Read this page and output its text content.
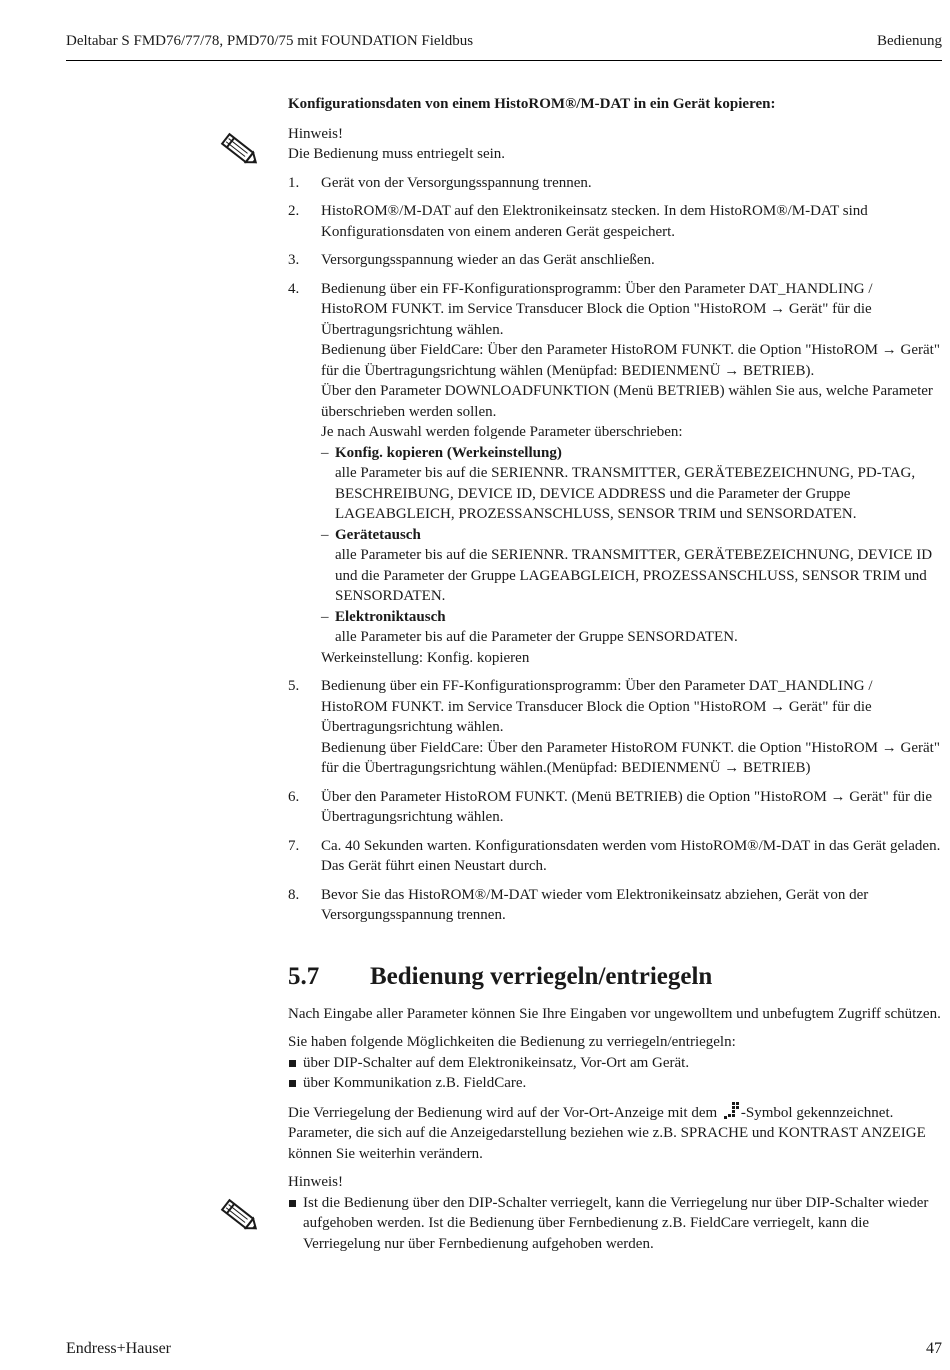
Deltabar S FMD76/77/78, PMD70/75 mit FOUNDATION Fieldbus	Bedienung

Konfigurationsdaten von einem HistoROM®/M-DAT in ein Gerät kopieren:

Hinweis!

Die Bedienung muss entriegelt sein.

1. Gerät von der Versorgungsspannung trennen.
2. HistoROM®/M-DAT auf den Elektronikeinsatz stecken. In dem HistoROM®/M-DAT sind Konfigurationsdaten von einem anderen Gerät gespeichert.
3. Versorgungsspannung wieder an das Gerät anschließen.
4. Bedienung über ein FF-Konfigurationsprogramm: Über den Parameter DAT_HANDLING / HistoROM FUNKT. im Service Transducer Block die Option "HistoROM → Gerät" für die Übertragungsrichtung wählen.

Bedienung über FieldCare: Über den Parameter HistoROM FUNKT. die Option "HistoROM → Gerät" für die Übertragungsrichtung wählen (Menüpfad: BEDIENMENÜ → BETRIEB).

Über den Parameter DOWNLOADFUNKTION (Menü BETRIEB) wählen Sie aus, welche Parameter überschrieben werden sollen.

Je nach Auswahl werden folgende Parameter überschrieben:

– Konfig. kopieren (Werkeinstellung)
alle Parameter bis auf die SERIENNR. TRANSMITTER, GERÄTEBEZEICHNUNG, PD-TAG, BESCHREIBUNG, DEVICE ID, DEVICE ADDRESS und die Parameter der Gruppe LAGEABGLEICH, PROZESSANSCHLUSS, SENSOR TRIM und SENSORDATEN.
– Gerätetausch
alle Parameter bis auf die SERIENNR. TRANSMITTER, GERÄTEBEZEICHNUNG, DEVICE ID und die Parameter der Gruppe LAGEABGLEICH, PROZESSANSCHLUSS, SENSOR TRIM und SENSORDATEN.
– Elektroniktausch
alle Parameter bis auf die Parameter der Gruppe SENSORDATEN.

Werkeinstellung: Konfig. kopieren

5. Bedienung über ein FF-Konfigurationsprogramm: Über den Parameter DAT_HANDLING / HistoROM FUNKT. im Service Transducer Block die Option "HistoROM → Gerät" für die Übertragungsrichtung wählen.

Bedienung über FieldCare: Über den Parameter HistoROM FUNKT. die Option "HistoROM → Gerät" für die Übertragungsrichtung wählen.(Menüpfad: BEDIENMENÜ → BETRIEB)

6. Über den Parameter HistoROM FUNKT. (Menü BETRIEB) die Option "HistoROM → Gerät" für die Übertragungsrichtung wählen.
7. Ca. 40 Sekunden warten. Konfigurationsdaten werden vom HistoROM®/M-DAT in das Gerät geladen. Das Gerät führt einen Neustart durch.
8. Bevor Sie das HistoROM®/M-DAT wieder vom Elektronikeinsatz abziehen, Gerät von der Versorgungsspannung trennen.
5.7 Bedienung verriegeln/entriegeln

Nach Eingabe aller Parameter können Sie Ihre Eingaben vor ungewolltem und unbefugtem Zugriff schützen.

Sie haben folgende Möglichkeiten die Bedienung zu verriegeln/entriegeln:

über DIP-Schalter auf dem Elektronikeinsatz, Vor-Ort am Gerät.
über Kommunikation z.B. FieldCare.

Die Verriegelung der Bedienung wird auf der Vor-Ort-Anzeige mit dem -Symbol gekennzeichnet. Parameter, die sich auf die Anzeigedarstellung beziehen wie z.B. SPRACHE und KONTRAST ANZEIGE können Sie weiterhin verändern.

Hinweis!

Ist die Bedienung über den DIP-Schalter verriegelt, kann die Verriegelung nur über DIP-Schalter wieder aufgehoben werden. Ist die Bedienung über Fernbedienung z.B. FieldCare verriegelt, kann die Verriegelung nur über Fernbedienung aufgehoben werden.
Endress+Hauser	47
